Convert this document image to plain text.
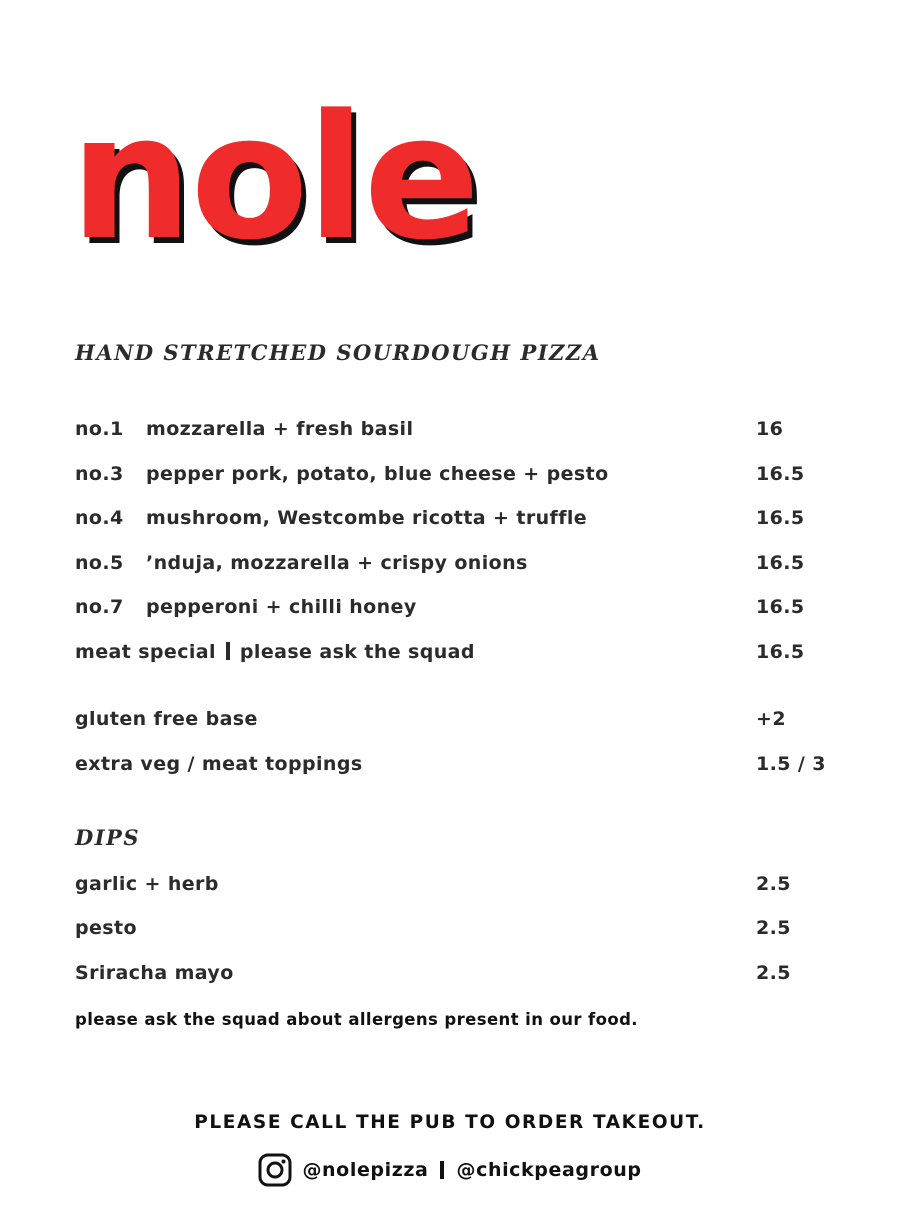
nole
HAND STRETCHED SOURDOUGH PIZZA
no.1 mozzarella + fresh basil	16
no.3 pepper pork, potato, blue cheese + pesto	16.5
no.4 mushroom, Westcombe ricotta + truffle	16.5
no.5 ’nduja, mozzarella + crispy onions	16.5
no.7 pepperoni + chilli honey	16.5
meat special please ask the squad	16.5
gluten free base	+2
extra veg / meat toppings	1.5 / 3
DIPS
garlic + herb	2.5
pesto	2.5
Sriracha mayo	2.5
please ask the squad about allergens present in our food.
PLEASE CALL THE PUB TO ORDER TAKEOUT.
@nolepizza @chickpeagroup
